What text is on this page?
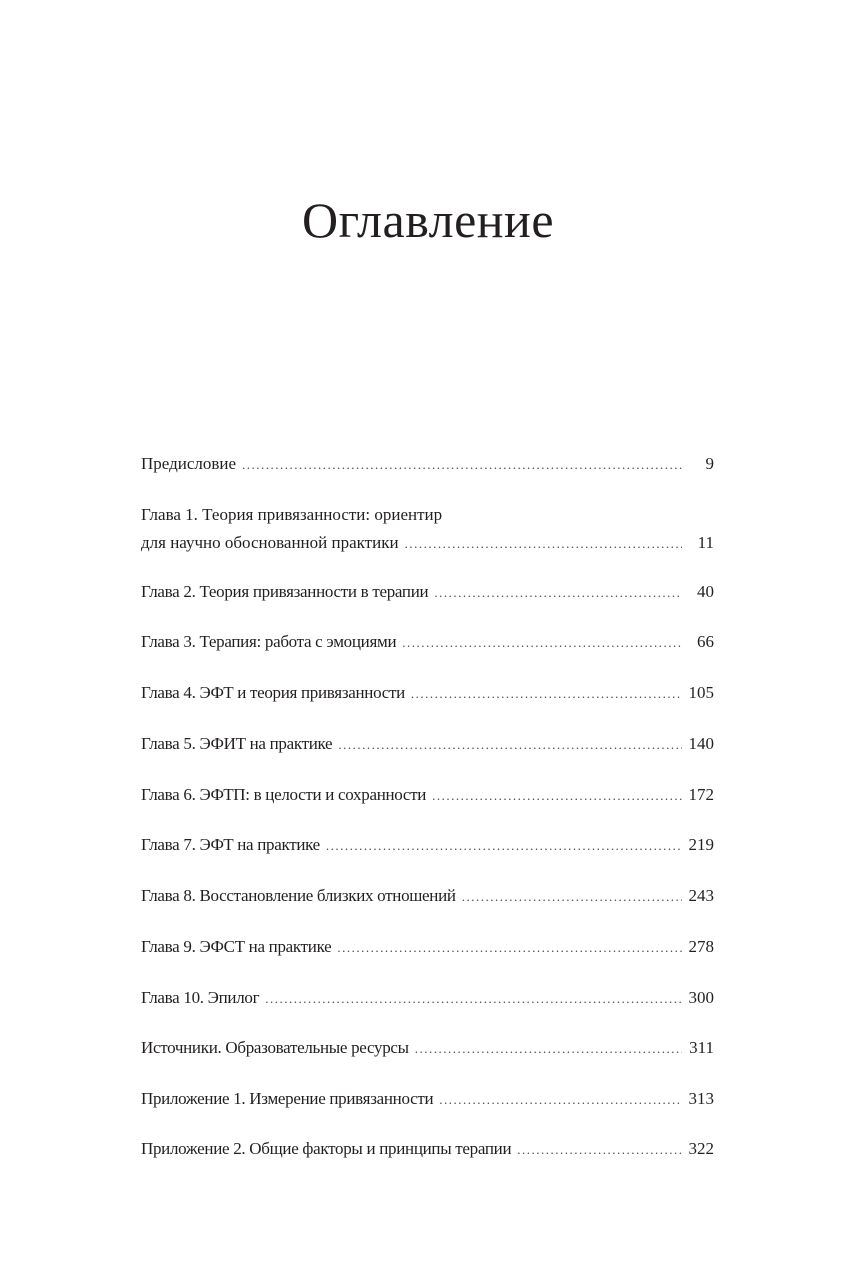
Оглавление
Предисловие .....	9
Глава 1. Теория привязанности: ориентир
для научно обоснованной практики .....	11
Глава 2. Теория привязанности в терапии .....	40
Глава 3. Терапия: работа с эмоциями .....	66
Глава 4. ЭФТ и теория привязанности .....	105
Глава 5. ЭФИТ на практике .....	140
Глава 6. ЭФТП: в целости и сохранности .....	172
Глава 7. ЭФТ на практике .....	219
Глава 8. Восстановление близких отношений .....	243
Глава 9. ЭФСТ на практике .....	278
Глава 10. Эпилог .....	300
Источники. Образовательные ресурсы .....	311
Приложение 1. Измерение привязанности .....	313
Приложение 2. Общие факторы и принципы терапии .....	322
